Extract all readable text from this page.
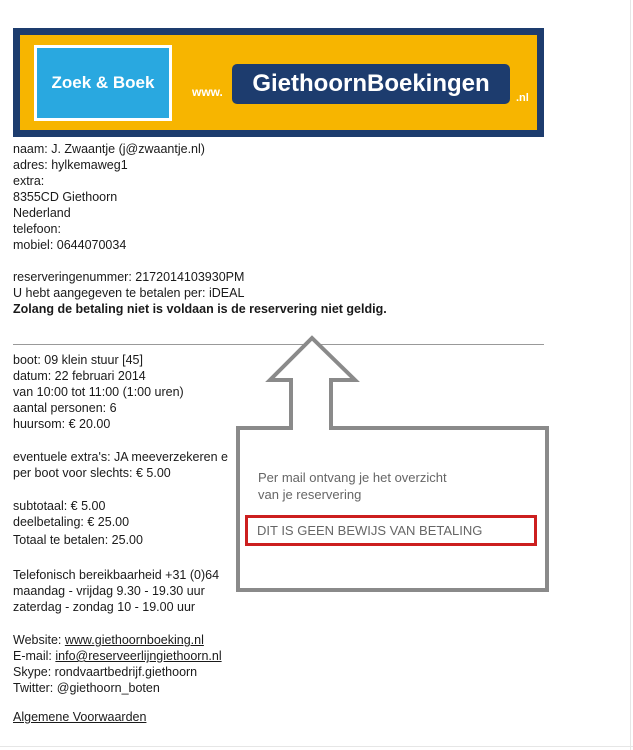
Zoek & Boek	www.	GiethoornBoekingen
.nl
naam: J. Zwaantje (j@zwaantje.nl)
adres: hylkemaweg1
extra:
8355CD Giethoorn
Nederland
telefoon:
mobiel: 0644070034
reserveringenummer: 2172014103930PM
U hebt aangegeven te betalen per: iDEAL
Zolang de betaling niet is voldaan is de reservering niet geldig.
boot: 09 klein stuur [45]
datum: 22 februari 2014
van 10:00 tot 11:00 (1:00 uren)
aantal personen: 6
huursom: € 20.00
eventuele extra's: JA meeverzekeren e
per boot voor slechts: € 5.00
subtotaal: € 5.00
deelbetaling: € 25.00
Totaal te betalen: 25.00
Telefonisch bereikbaarheid +31 (0)64
maandag - vrijdag 9.30 - 19.30 uur
zaterdag - zondag 10 - 19.00 uur
Website: www.giethoornboeking.nl
E-mail: info@reserveerlijngiethoorn.nl
Skype: rondvaartbedrijf.giethoorn
Twitter: @giethoorn_boten
Algemene Voorwaarden
Per mail ontvang je het overzicht
van je reservering
DIT IS GEEN BEWIJS VAN BETALING
